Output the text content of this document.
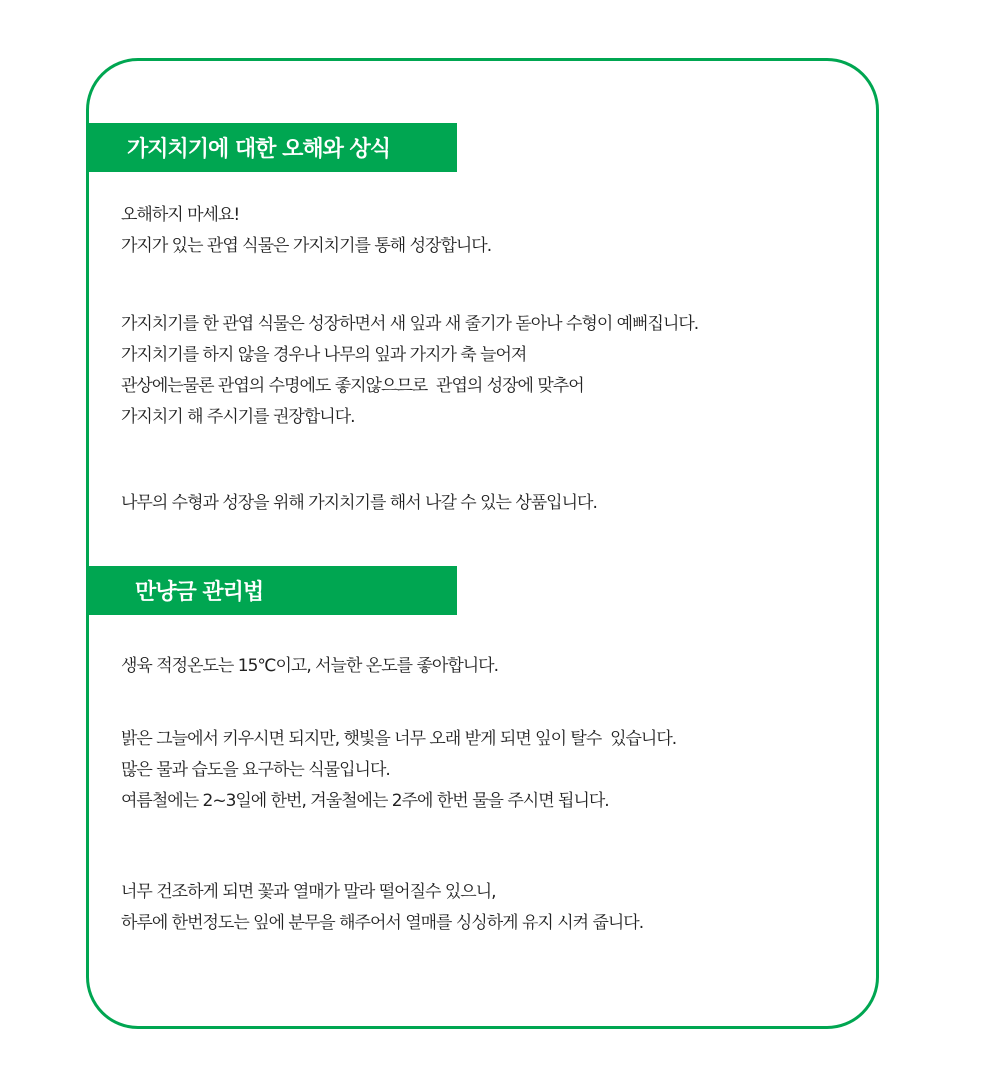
가지치기에 대한 오해와 상식
오해하지 마세요!
가지가 있는 관엽 식물은 가지치기를 통해 성장합니다.
가지치기를 한 관엽 식물은 성장하면서 새 잎과 새 줄기가 돋아나 수형이 예뻐집니다.
가지치기를 하지 않을 경우나 나무의 잎과 가지가 축 늘어져
관상에는물론 관엽의 수명에도 좋지않으므로  관엽의 성장에 맞추어
가지치기 해 주시기를 권장합니다.
나무의 수형과 성장을 위해 가지치기를 해서 나갈 수 있는 상품입니다.
만냥금 관리법
생육 적정온도는 15℃이고, 서늘한 온도를 좋아합니다.
밝은 그늘에서 키우시면 되지만, 햇빛을 너무 오래 받게 되면 잎이 탈수  있습니다.
많은 물과 습도을 요구하는 식물입니다.
여름철에는 2~3일에 한번, 겨울철에는 2주에 한번 물을 주시면 됩니다.
너무 건조하게 되면 꽃과 열매가 말라 떨어질수 있으니,
하루에 한번정도는 잎에 분무을 해주어서 열매를 싱싱하게 유지 시켜 줍니다.
